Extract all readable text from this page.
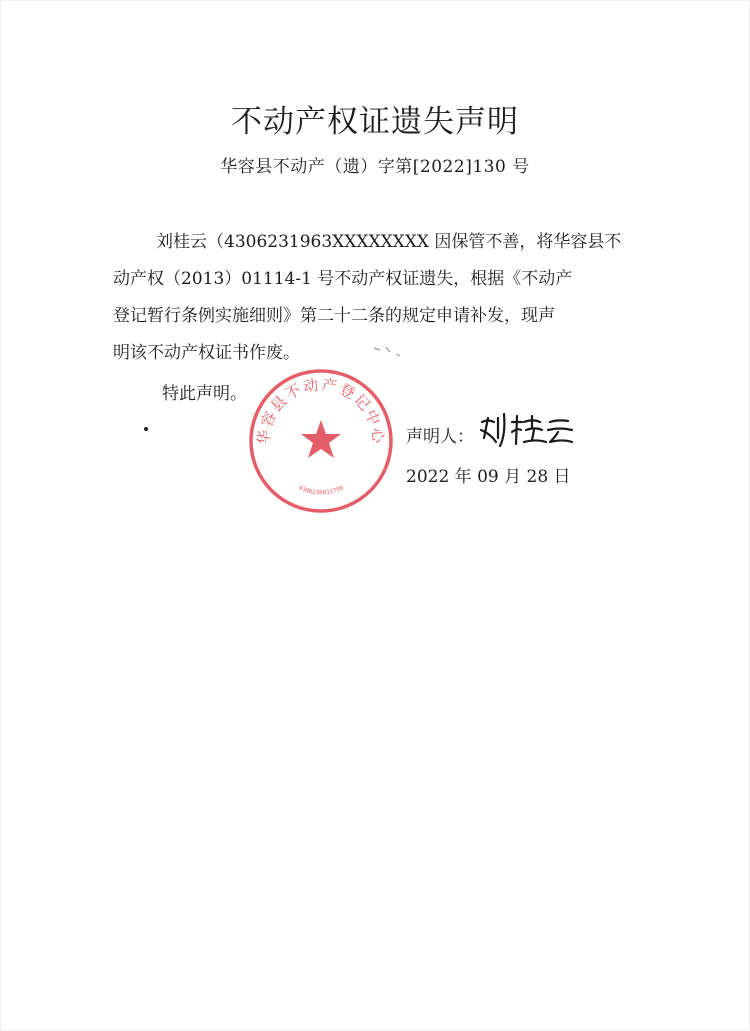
不动产权证遗失声明
华容县不动产（遗）字第[2022]130 号
刘桂云（4306231963XXXXXXXX 因保管不善，将华容县不
动产权（2013）01114-1 号不动产权证遗失，根据《不动产
登记暂行条例实施细则》第二十二条的规定申请补发，现声
明该不动产权证书作废。
特此声明。
华容县不动产登记中心
4306230011799
声明人：
2022 年 09 月 28 日
